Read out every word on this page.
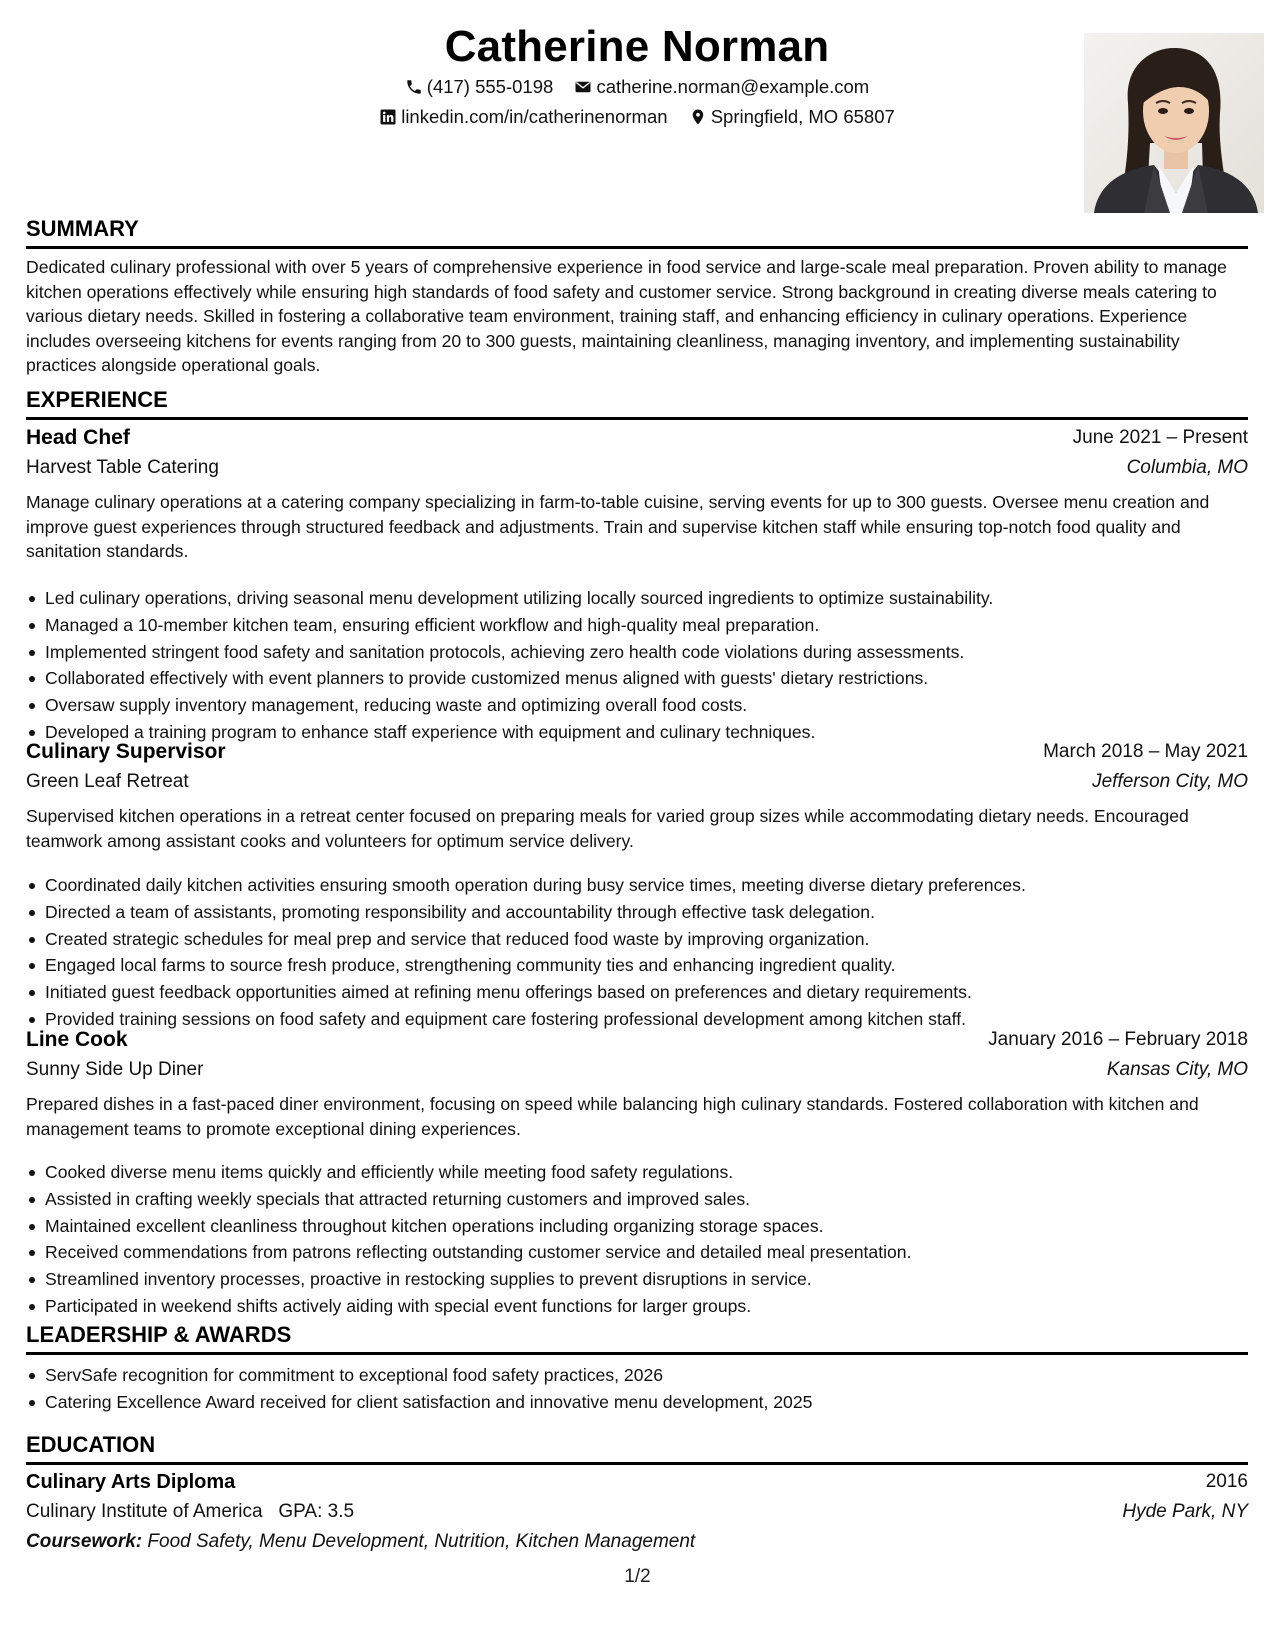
Catherine Norman
(417) 555-0198
catherine.norman@example.com
linkedin.com/in/catherinenorman
Springfield, MO 65807
SUMMARY
Dedicated culinary professional with over 5 years of comprehensive experience in food service and large-scale meal preparation. Proven ability to manage kitchen operations effectively while ensuring high standards of food safety and customer service. Strong background in creating diverse meals catering to various dietary needs. Skilled in fostering a collaborative team environment, training staff, and enhancing efficiency in culinary operations. Experience includes overseeing kitchens for events ranging from 20 to 300 guests, maintaining cleanliness, managing inventory, and implementing sustainability practices alongside operational goals.
EXPERIENCE
Head Chef	June 2021 – Present
Harvest Table Catering	Columbia, MO
Manage culinary operations at a catering company specializing in farm-to-table cuisine, serving events for up to 300 guests. Oversee menu creation and improve guest experiences through structured feedback and adjustments. Train and supervise kitchen staff while ensuring top-notch food quality and sanitation standards.
Led culinary operations, driving seasonal menu development utilizing locally sourced ingredients to optimize sustainability.
Managed a 10-member kitchen team, ensuring efficient workflow and high-quality meal preparation.
Implemented stringent food safety and sanitation protocols, achieving zero health code violations during assessments.
Collaborated effectively with event planners to provide customized menus aligned with guests' dietary restrictions.
Oversaw supply inventory management, reducing waste and optimizing overall food costs.
Developed a training program to enhance staff experience with equipment and culinary techniques.
Culinary Supervisor	March 2018 – May 2021
Green Leaf Retreat	Jefferson City, MO
Supervised kitchen operations in a retreat center focused on preparing meals for varied group sizes while accommodating dietary needs. Encouraged teamwork among assistant cooks and volunteers for optimum service delivery.
Coordinated daily kitchen activities ensuring smooth operation during busy service times, meeting diverse dietary preferences.
Directed a team of assistants, promoting responsibility and accountability through effective task delegation.
Created strategic schedules for meal prep and service that reduced food waste by improving organization.
Engaged local farms to source fresh produce, strengthening community ties and enhancing ingredient quality.
Initiated guest feedback opportunities aimed at refining menu offerings based on preferences and dietary requirements.
Provided training sessions on food safety and equipment care fostering professional development among kitchen staff.
Line Cook	January 2016 – February 2018
Sunny Side Up Diner	Kansas City, MO
Prepared dishes in a fast-paced diner environment, focusing on speed while balancing high culinary standards. Fostered collaboration with kitchen and management teams to promote exceptional dining experiences.
Cooked diverse menu items quickly and efficiently while meeting food safety regulations.
Assisted in crafting weekly specials that attracted returning customers and improved sales.
Maintained excellent cleanliness throughout kitchen operations including organizing storage spaces.
Received commendations from patrons reflecting outstanding customer service and detailed meal presentation.
Streamlined inventory processes, proactive in restocking supplies to prevent disruptions in service.
Participated in weekend shifts actively aiding with special event functions for larger groups.
LEADERSHIP & AWARDS
ServSafe recognition for commitment to exceptional food safety practices, 2026
Catering Excellence Award received for client satisfaction and innovative menu development, 2025
EDUCATION
Culinary Arts Diploma	2016
Culinary Institute of America GPA: 3.5	Hyde Park, NY
Coursework: Food Safety, Menu Development, Nutrition, Kitchen Management
1/2
